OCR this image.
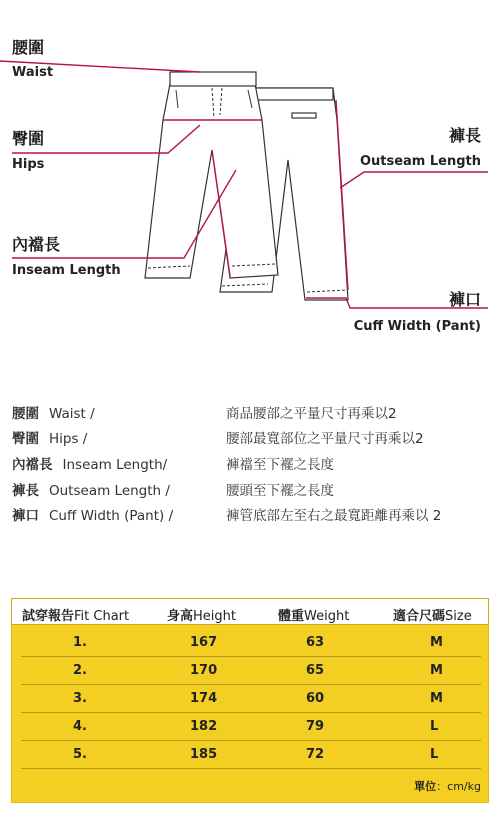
腰圍
Waist
臀圍
Hips
內襠長
Inseam Length
褲長
Outseam Length
褲口
Cuff Width (Pant)
腰圍 Waist /	商品腰部之平量尺寸再乘以2
臀圍 Hips /	腰部最寬部位之平量尺寸再乘以2
內襠長 Inseam Length/	褲襠至下襬之長度
褲長 Outseam Length /	腰頭至下襬之長度
褲口 Cuff Width (Pant) /	褲管底部左至右之最寬距離再乘以 2
試穿報告Fit Chart	身高Height	體重Weight	適合尺碼Size
1.	167	63	M
2.	170	65	M
3.	174	60	M
4.	182	79	L
5.	185	72	L
單位：cm/kg
